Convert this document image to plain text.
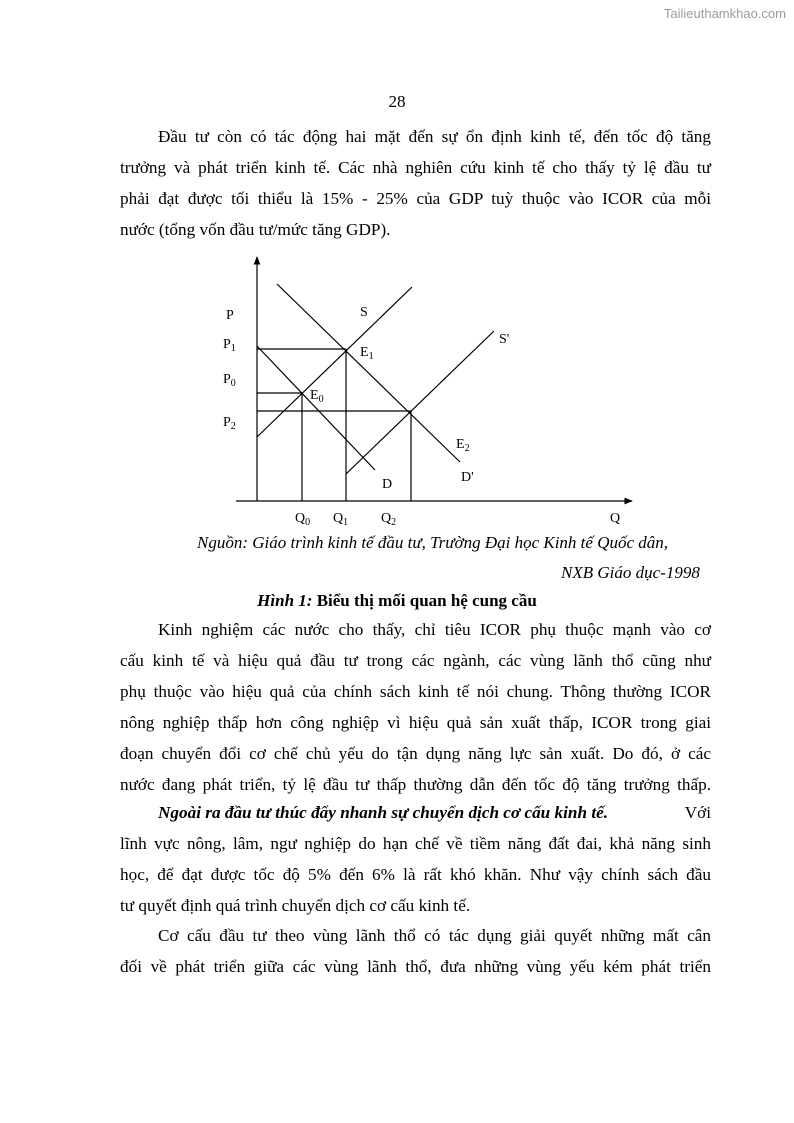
Tailieuthamkhao.com
28
Đầu tư còn có tác động hai mặt đến sự ổn định kinh tế, đến tốc độ tăng
trưởng và phát triển kinh tế. Các nhà nghiên cứu kinh tế cho thấy tỷ lệ đầu tư
phải đạt được tối thiểu là 15% - 25% của GDP tuỳ thuộc vào ICOR của mỗi
nước (tổng vốn đầu tư/mức tăng GDP).
P
Q
$P_1$
$P_0$
$P_2$
$Q_0$ $Q_1$ $Q_2$
S
S'
D	D'
$E_0$
$E_1$
$E_2$
Nguồn: Giáo trình kinh tế đầu tư, Trường Đại học Kinh tế Quốc dân,
NXB Giáo dục-1998
Hình 1: Biểu thị mối quan hệ cung cầu
Kinh nghiệm các nước cho thấy, chỉ tiêu ICOR phụ thuộc mạnh vào cơ
cấu kinh tế và hiệu quả đầu tư trong các ngành, các vùng lãnh thổ cũng như
phụ thuộc vào hiệu quả của chính sách kinh tế nói chung. Thông thường ICOR
nông nghiệp thấp hơn công nghiệp vì hiệu quả sản xuất thấp, ICOR trong giai
đoạn chuyển đổi cơ chế chủ yếu do tận dụng năng lực sản xuất. Do đó, ở các
nước đang phát triển, tỷ lệ đầu tư thấp thường dẫn đến tốc độ tăng trưởng thấp.
Ngoài ra đầu tư thúc đẩy nhanh sự chuyển dịch cơ cấu kinh tế.	Với
lĩnh vực nông, lâm, ngư nghiệp do hạn chế về tiềm năng đất đai, khả năng sinh
học, để đạt được tốc độ 5% đến 6% là rất khó khăn. Như vậy chính sách đầu
tư quyết định quá trình chuyển dịch cơ cấu kinh tế.
Cơ cấu đầu tư theo vùng lãnh thổ có tác dụng giải quyết những mất cân
đối về phát triển giữa các vùng lãnh thổ, đưa những vùng yếu kém phát triển
